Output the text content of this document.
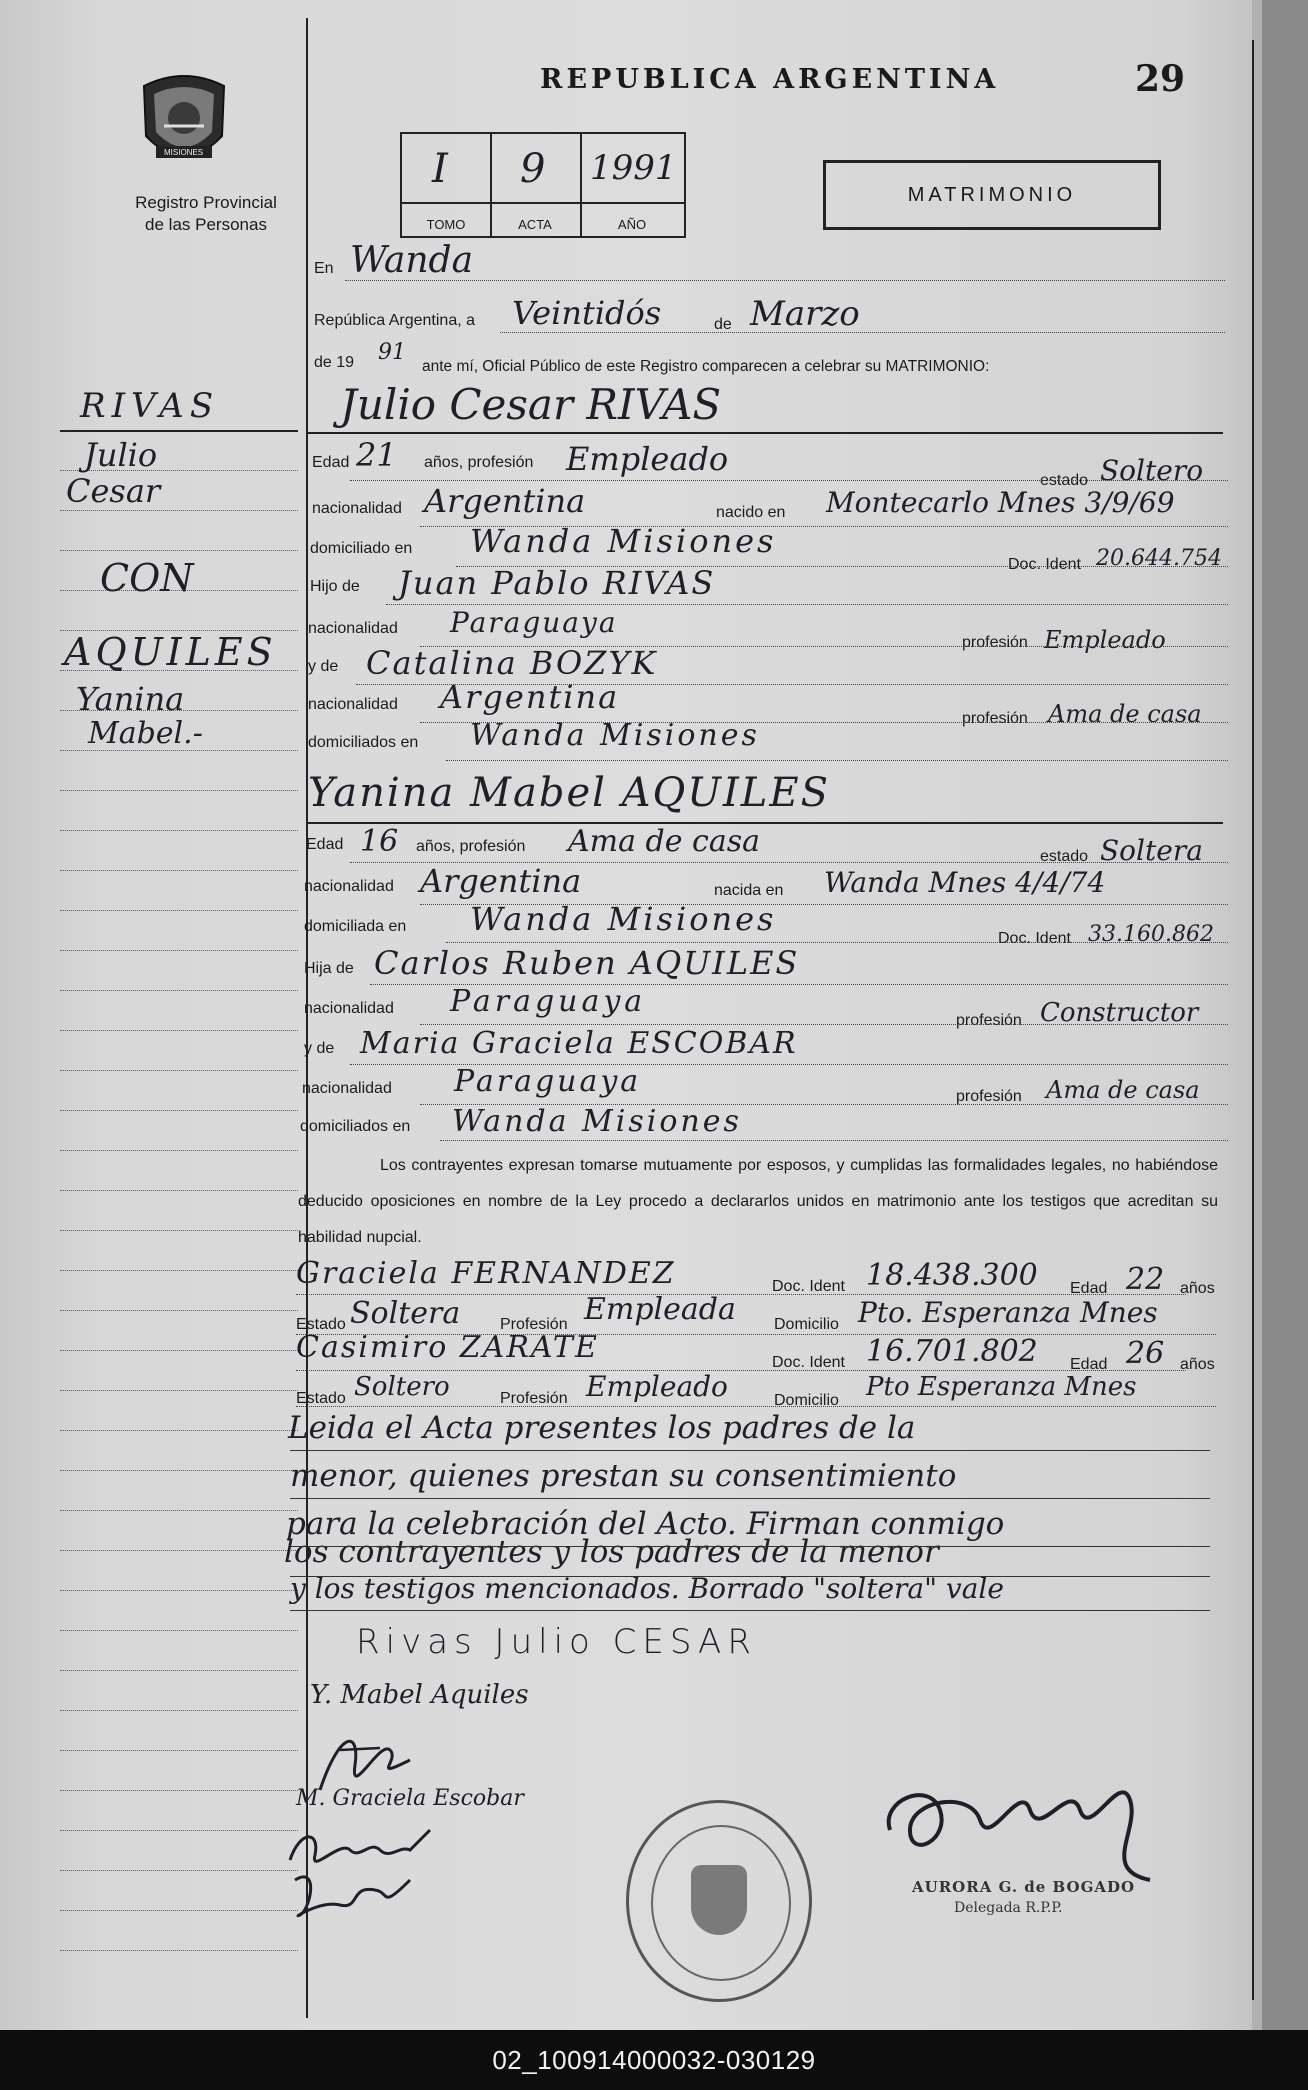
MISIONES
Registro Provincial
de las Personas
REPUBLICA ARGENTINA	29
I
TOMO
9
ACTA
1991
AÑO
MATRIMONIO
RIVAS
Julio
Cesar
CON
AQUILES
Yanina
Mabel.-
En Wanda
República Argentina, a Veintidós	de Marzo
de 19 91
ante mí, Oficial Público de este Registro comparecen a celebrar su MATRIMONIO:
Julio Cesar RIVAS
Edad 21 años, profesión Empleado
estado Soltero
nacionalidad Argentina	nacido en Montecarlo Mnes 3/9/69
domiciliado en Wanda Misiones
Doc. Ident 20.644.754
Hijo de Juan Pablo RIVAS
nacionalidad Paraguaya
profesión Empleado
y de Catalina BOZYK
nacionalidad Argentina
profesión Ama de casa
domiciliados en Wanda Misiones
Yanina Mabel AQUILES
Edad 16 años, profesión Ama de casa	estado Soltera
nacionalidad Argentina	nacida en Wanda Mnes 4/4/74
domiciliada en Wanda Misiones
Doc. Ident 33.160.862
Hija de Carlos Ruben AQUILES
nacionalidad Paraguaya
profesión Constructor
y de Maria Graciela ESCOBAR
nacionalidad Paraguaya	profesión Ama de casa
domiciliados en Wanda Misiones
Los contrayentes expresan tomarse mutuamente por esposos, y cumplidas las formalidades legales, no habiéndose deducido oposiciones en nombre de la Ley procedo a declararlos unidos en matrimonio ante los testigos que acreditan su habilidad nupcial.
Graciela FERNANDEZ	Doc. Ident 18.438.300 Edad 22 años
Estado Soltera Profesión Empleada Domicilio Pto. Esperanza Mnes
Casimiro ZARATE	Doc. Ident 16.701.802 Edad 26 años
Estado Soltero	Profesión Empleado	Domicilio Pto Esperanza Mnes
Leida el Acta presentes los padres de la
menor, quienes prestan su consentimiento
para la celebración del Acto. Firman conmigo
los contrayentes y los padres de la menor
y los testigos mencionados. Borrado "soltera" vale
Rivas Julio CESAR
Y. Mabel Aquiles
M. Graciela Escobar
AURORA G. de BOGADO
Delegada R.P.P.
02_100914000032-030129
